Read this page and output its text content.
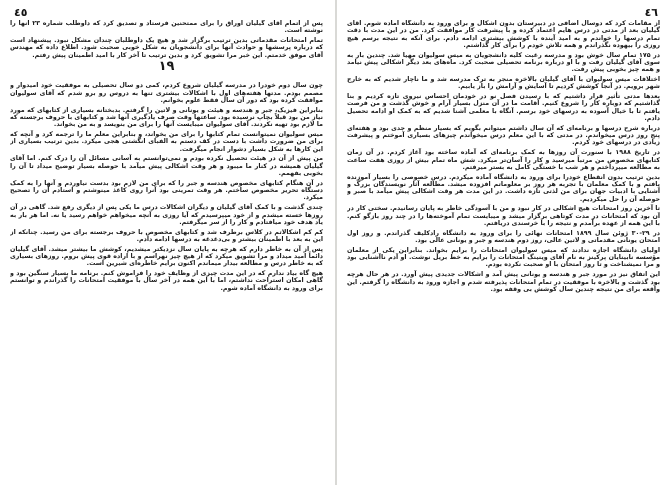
٤٦

از مقامات کرد که دوسال اضافی در دبیرستان بدون اشکال و برای ورود به دانشگاه آماده شوم. آقای گیلیان بعد از مدتی در درس هایم اعتماد کرده و با پیشرفت کار موافقت کرد. من در این مدت با دقت تمام درسها را خواندم و به امید آینده با کوشش بیشتری ادامه دادم. برای آنکه به نتیجه برسم هیچ روزی را بیهوده نگذراندم و همه تلاش خودم را برای کار گذاشتم.

در ۱۷۵ تمام سال خوش بود و مدرسه رغبت کلیه دانشجویان به میس سولیوان مهیا شد. چندین بار به سوی آقای گیلیان رفت و با او درباره برنامه تحصیلی صحبت کرد. ماه‌های بعد دیگر اشکالی پیش نیامد و همه چیز بخوبی پیش رفت.

اختلافات میس سولیوان با آقای گیلیان بالاخره منجر به ترک مدرسه شد و ما ناچار شدیم که به خارج شهر برویم. در آنجا کوشش کردیم تا آسایش و آرامش را باز یابیم.

بعدها مدتی تأثیر قرار داشتیم که با رسیدن فصل نو در خودمان احساس نیروی تازه کردیم و بنا گذاشتیم که دوباره کار را شروع کنیم. اقامت ما در آن منزل بسیار آرام و خوش گذشت و من فرصت یافتم تا با خیال آسوده به درسهای خود برسم. آنگاه با معلمی آشنا شدیم که به کمک او ادامه تحصیل دادم.

درباره شرح درسها و برنامه‌ای که آن سال داشتم میتوانم بگویم که بسیار منظم و جدی بود و هفته‌ای پنج روز درس میخواندم. در مدتی که با این معلم درس میخواندم چیزهای بسیاری آموختم و پیشرفت زیادی در درسهای خود کردم.

در تاریخ ۱۹۸۸ با سنورت آن روزها به کمک برنامه‌ای که آماده ساخته بود آغاز کردم. در آن زمان کتابهای مخصوص من مرتباً میرسید و کار را آسان‌تر میکرد. شش ماه تمام بیش از روزی هفت ساعت به مطالعه میپرداختم و هر شب با خستگی کامل به بستر میرفتم.

بدین ترتیب بدون انقطاع خودرا برای ورود به دانشگاه آماده میکردم. درس خصوصی را بسیار آموزنده یافتم و با کمک معلمان با تجربه هر روز بر معلوماتم افزوده میشد. مطالعه آثار نویسندگان بزرگ و آشنایی با ادبیات جهان برای من لذتی تازه داشت. در این مدت هر وقت اشکالی پیش میآمد با صبر و حوصله آن را حل میکردیم.

تا آخرین روز امتحانات هیچ اشکالی در کار نبود و من با آسودگی خاطر به پایان رسانیدم. سختی کار در آن بود که امتحانات در مدت کوتاهی برگزار میشد و میبایست تمام آموخته‌ها را در چند روز بازگو کنم. با این همه از عهده برآمدم و نتیجه را با خرسندی دریافتم.

در ۲۹-۳۰ ژوئن سال ۱۸۹۹ امتحانات نهائی را برای ورود به دانشگاه رادکلیف گذراندم. و روز اول امتحان یونانی مقدماتی و لاتین عالی، روز دوم هندسه و جبر و یونانی عالی بود.

اولیای دانشگاه اجازه ندادند که میس سولیوان امتحانات را برایم بخواند. بنابراین یکی از معلمان مؤسسه نابینایان پرکینز به نام آقای وینینگ امتحانات را برایم به خط بریل نوشت. او آدم ناآشنایی بود و مرا نمیشناخت و تا روز امتحان با او صحبت نکرده بودم.

این اتفاق نیز در مورد جبر و هندسه و یونانی پیش آمد و اشکالات جدیدی پیش آورد. در هر حال هرچه بود گذشت و بالاخره با موفقیت در تمام امتحانات پذیرفته شدم و اجازه ورود به دانشگاه را گرفتم. این واقعه برای من نتیجه چندین سال کوشش بی وقفه بود.

٤٥

پس از اتمام آقای گیلیان اوراق را برای ممتحنین فرستاد و تصدیق کرد که داوطلب شماره ۲۳ آنها را نوشته است.

تمام امتحانات مقدماتی بدین ترتیب برگزار شد و هیچ یک داوطلبان چندان مشکل نبود. پیشنهاد است که درباره پرسشها و حوادث آنها برای دانشجویان به شکل خوبی صحبت شود. اطلاع داده که مهندس آقای موفق خدمتم. این خبر مرا تشویق کرد و بدین ترتیب تا آخر کار با امید اطمینان پیش رفتم.

۱۹

چون سال دوم خودرا در مدرسه گیلیان شروع کردم، کمی دو سال تحصیلی به موفقیت خود امیدوار و مصمم بودم. مدتها هفته‌های اول با اشکالات بیشتری تنها به دروس رو برو شدم که آقای سولیوان موافقت کرده بود که دور آن سال فقط علوم بخوانم.

بنابراین فیزیک، جبر و هندسه و هیئت و یونانی و لاتین را گرفتم. بدبختانه بسیاری از کتابهای که مورد نیاز من بود قبلاً بچاپ نرسیده بود. ساعتها وقت صرف یادگیری آنها شد و کتابهای با حروف برجسته که ما لازم بود تهیه نکردند. آقای سولیوان میبایست آنها را برای من بنویسد و به من بخواند.

میس سولیوان نمیتوانست تمام کتابها را برای من بخواند، و بنابراین معلم ما را ترجمه کرد و آنچه که برای من ضرورت داشت با دست در کف دستم به الفبای انگشتی هجی میکرد. بدین ترتیب بسیاری از این کارها به شکل بسیار دشوار انجام میگرفت.

من پیش از آن در هیئت تحصیل نکرده بودم و نمی‌توانستم به آسانی مسائل آن را درک کنم. اما آقای گیلیان همیشه در کنار ما میبود و هر وقت اشکالی پیش میآمد با حوصله بسیار توضیح میداد تا آن را بخوبی بفهمم.

در آن هنگام کتابهای مخصوص هندسه و جبر را که برای من لازم بود بدست نیاوردم و آنها را به کمک دستگاه تحریر مخصوص ساختم. هر وقت تمرینی بود آنرا روی کاغذ مینوشتم و استادم آن را تصحیح میکرد.

چندی گذشت و با کمک آقای گیلیان و دیگران اشکالات درس ما یکی پس از دیگری رفع شد. گاهی در آن روزها خسته میشدم و از خود میپرسیدم که آیا روزی به آنچه میخواهم خواهم رسید یا نه. اما هر بار به یاد هدف خود میافتادم و کار را از سر میگرفتم.

کم کم اشکالاتم در کلاس برطرف شد و کتابهای مخصوص با حروف برجسته برای من رسید. چنانکه از این به بعد با اطمینان بیشتر و بی‌دغدغه به درسها ادامه دادم.

پس از آن به خاطر دارم که هرچه به پایان سال نزدیکتر میشدیم، کوشش ما بیشتر میشد. آقای گیلیان دائماً امید میداد و مرا تشویق میکرد که از هیچ چیز نهراسم و با اراده قوی پیش بروم. روزهای بسیاری که به خاطر درس و مطالعه بیدار میماندم اکنون برایم خاطره‌ای شیرین است.

هیچ گاه بیاد ندارم که در این مدت چیزی از وظایف خود را فراموش کنم. برنامه ما بسیار سنگین بود و گاهی امکان استراحت نداشتم، اما با این همه در آخر سال با موفقیت امتحانات را گذراندم و توانستم برای ورود به دانشگاه آماده شوم.
